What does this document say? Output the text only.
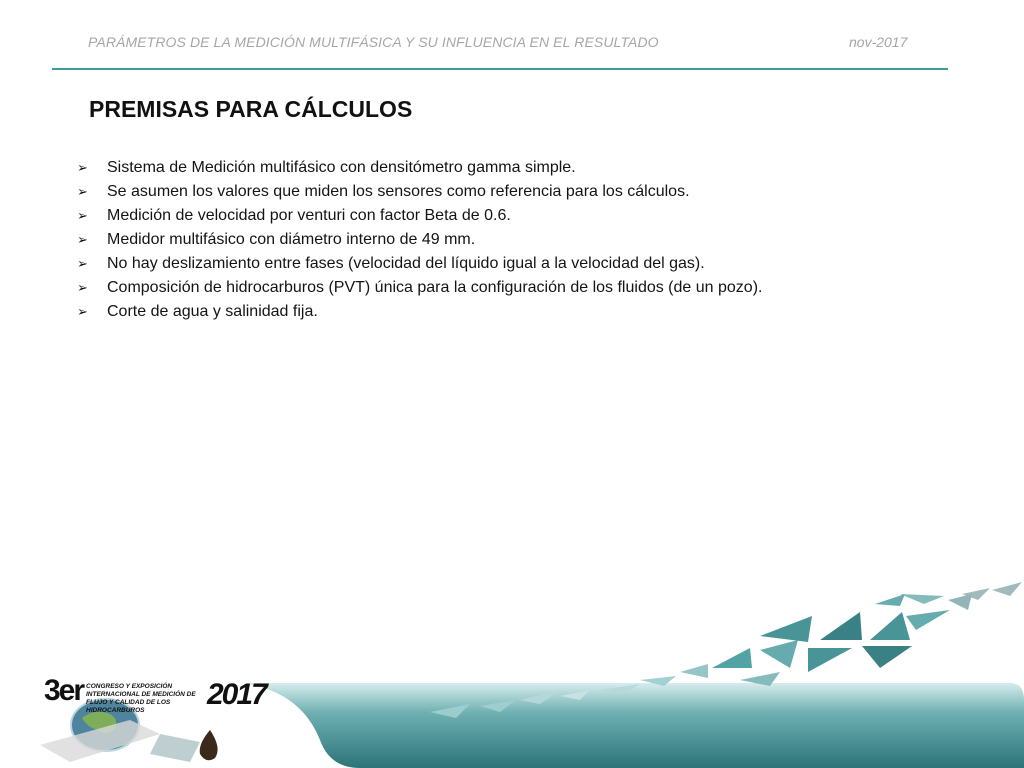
PARÁMETROS DE LA MEDICIÓN MULTIFÁSICA Y SU INFLUENCIA EN EL RESULTADO	nov-2017
PREMISAS PARA CÁLCULOS
➢	Sistema de Medición multifásico con densitómetro gamma simple.
➢	Se asumen los valores que miden los sensores como referencia para los cálculos.
➢	Medición de velocidad por venturi con factor Beta de 0.6.
➢	Medidor multifásico con diámetro interno de 49 mm.
➢	No hay deslizamiento entre fases (velocidad del líquido igual a la velocidad del gas).
➢	Composición de hidrocarburos (PVT) única para la configuración de los fluidos (de un pozo).
➢	Corte de agua y salinidad fija.
3er CONGRESO Y EXPOSICIÓN INTERNACIONAL DE MEDICIÓN DE FLUJO Y CALIDAD DE LOS HIDROCARBUROS	2017
